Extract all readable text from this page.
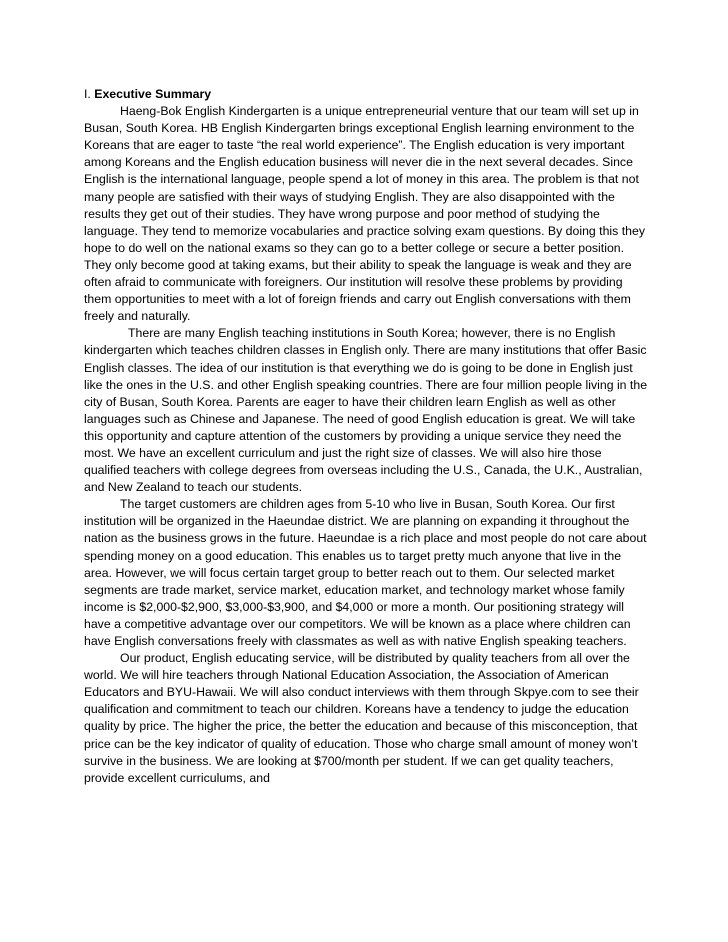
I. Executive Summary

Haeng-Bok English Kindergarten is a unique entrepreneurial venture that our team will set up in Busan, South Korea. HB English Kindergarten brings exceptional English learning environment to the Koreans that are eager to taste “the real world experience”. The English education is very important among Koreans and the English education business will never die in the next several decades. Since English is the international language, people spend a lot of money in this area. The problem is that not many people are satisfied with their ways of studying English. They are also disappointed with the results they get out of their studies. They have wrong purpose and poor method of studying the language. They tend to memorize vocabularies and practice solving exam questions. By doing this they hope to do well on the national exams so they can go to a better college or secure a better position. They only become good at taking exams, but their ability to speak the language is weak and they are often afraid to communicate with foreigners. Our institution will resolve these problems by providing them opportunities to meet with a lot of foreign friends and carry out English conversations with them freely and naturally.

There are many English teaching institutions in South Korea; however, there is no English kindergarten which teaches children classes in English only. There are many institutions that offer Basic English classes. The idea of our institution is that everything we do is going to be done in English just like the ones in the U.S. and other English speaking countries. There are four million people living in the city of Busan, South Korea. Parents are eager to have their children learn English as well as other languages such as Chinese and Japanese. The need of good English education is great. We will take this opportunity and capture attention of the customers by providing a unique service they need the most. We have an excellent curriculum and just the right size of classes. We will also hire those qualified teachers with college degrees from overseas including the U.S., Canada, the U.K., Australian, and New Zealand to teach our students.

The target customers are children ages from 5-10 who live in Busan, South Korea. Our first institution will be organized in the Haeundae district. We are planning on expanding it throughout the nation as the business grows in the future. Haeundae is a rich place and most people do not care about spending money on a good education. This enables us to target pretty much anyone that live in the area. However, we will focus certain target group to better reach out to them. Our selected market segments are trade market, service market, education market, and technology market whose family income is $2,000-$2,900, $3,000-$3,900, and $4,000 or more a month. Our positioning strategy will have a competitive advantage over our competitors. We will be known as a place where children can have English conversations freely with classmates as well as with native English speaking teachers.

Our product, English educating service, will be distributed by quality teachers from all over the world. We will hire teachers through National Education Association, the Association of American Educators and BYU-Hawaii. We will also conduct interviews with them through Skpye.com to see their qualification and commitment to teach our children. Koreans have a tendency to judge the education quality by price. The higher the price, the better the education and because of this misconception, that price can be the key indicator of quality of education. Those who charge small amount of money won’t survive in the business. We are looking at $700/month per student. If we can get quality teachers, provide excellent curriculums, and
